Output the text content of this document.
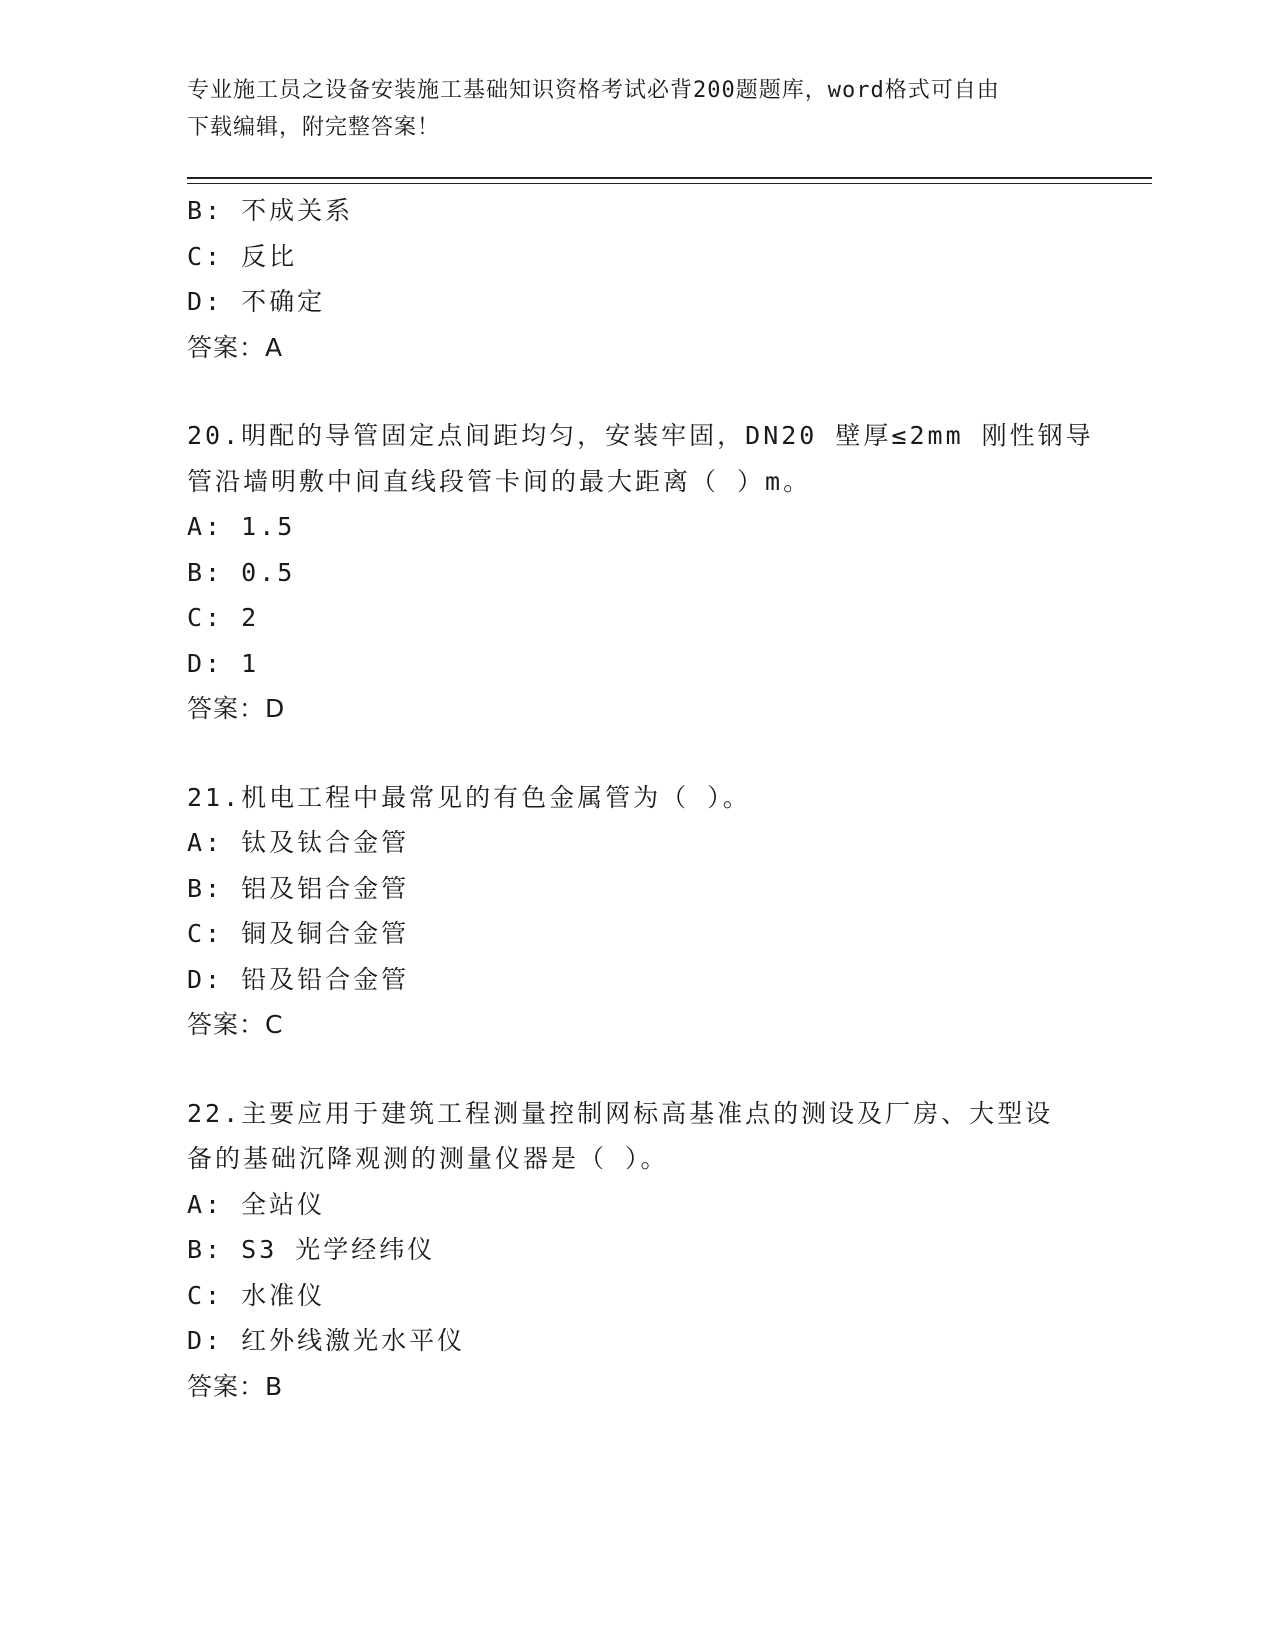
专业施工员之设备安装施工基础知识资格考试必背200题题库，word格式可自由
下载编辑，附完整答案！
B: 不成关系
C: 反比
D: 不确定
答案：A
20.明配的导管固定点间距均匀，安装牢固，DN20 壁厚≤2mm 刚性钢导
管沿墙明敷中间直线段管卡间的最大距离（ ）m。
A: 1.5
B: 0.5
C: 2
D: 1
答案：D
21.机电工程中最常见的有色金属管为（ ）。
A: 钛及钛合金管
B: 铝及铝合金管
C: 铜及铜合金管
D: 铅及铅合金管
答案：C
22.主要应用于建筑工程测量控制网标高基准点的测设及厂房、大型设
备的基础沉降观测的测量仪器是（ ）。
A: 全站仪
B: S3 光学经纬仪
C: 水准仪
D: 红外线激光水平仪
答案：B
